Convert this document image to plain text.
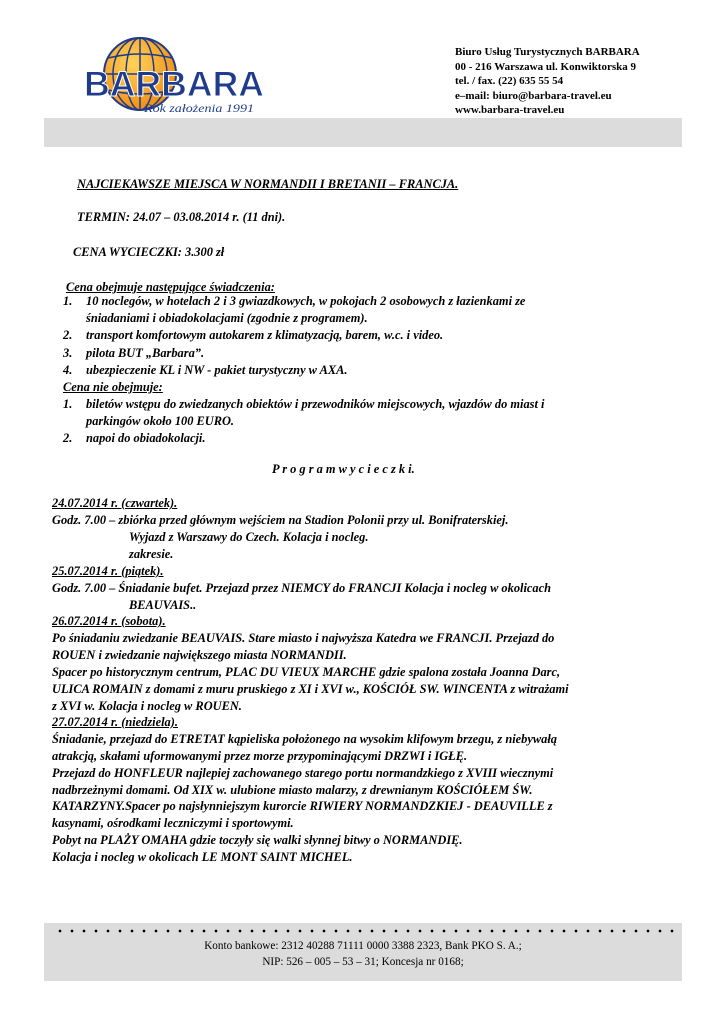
BARBARA
Rok założenia 1991
Biuro Usług Turystycznych BARBARA
00 - 216 Warszawa ul. Konwiktorska 9
tel. / fax. (22) 635 55 54
e–mail: biuro@barbara-travel.eu
www.barbara-travel.eu
NAJCIEKAWSZE MIEJSCA W NORMANDII I BRETANII – FRANCJA.
TERMIN: 24.07 – 03.08.2014 r. (11 dni).
CENA WYCIECZKI: 3.300 zł
Cena obejmuje następujące świadczenia:
1. 10 noclegów, w hotelach 2 i 3 gwiazdkowych, w pokojach 2 osobowych z łazienkami ze
śniadaniami i obiadokolacjami (zgodnie z programem).
2. transport komfortowym autokarem z klimatyzacją, barem, w.c. i video.
3. pilota BUT „Barbara”.
4. ubezpieczenie KL i NW - pakiet turystyczny w AXA.
Cena nie obejmuje:
1. biletów wstępu do zwiedzanych obiektów i przewodników miejscowych, wjazdów do miast i
parkingów około 100 EURO.
2. napoi do obiadokolacji.
P r o g r a m w y c i e c z k i.
24.07.2014 r. (czwartek).
Godz. 7.00 – zbiórka przed głównym wejściem na Stadion Polonii przy ul. Bonifraterskiej.
Wyjazd z Warszawy do Czech. Kolacja i nocleg.
zakresie.
25.07.2014 r. (piątek).
Godz. 7.00 – Śniadanie bufet. Przejazd przez NIEMCY do FRANCJI Kolacja i nocleg w okolicach
BEAUVAIS..
26.07.2014 r. (sobota).
Po śniadaniu zwiedzanie BEAUVAIS. Stare miasto i najwyższa Katedra we FRANCJI. Przejazd do
ROUEN i zwiedzanie największego miasta NORMANDII.
Spacer po historycznym centrum, PLAC DU VIEUX MARCHE gdzie spalona została Joanna Darc,
ULICA ROMAIN z domami z muru pruskiego z XI i XVI w., KOŚCIÓŁ SW. WINCENTA z witrażami
z XVI w. Kolacja i nocleg w ROUEN.
27.07.2014 r. (niedziela).
Śniadanie, przejazd do ETRETAT kąpieliska położonego na wysokim klifowym brzegu, z niebywałą
atrakcją, skałami uformowanymi przez morze przypominającymi DRZWI i IGŁĘ.
Przejazd do HONFLEUR najlepiej zachowanego starego portu normandzkiego z XVIII wiecznymi
nadbrzeżnymi domami. Od XIX w. ulubione miasto malarzy, z drewnianym KOŚCIÓŁEM ŚW.
KATARZYNY.Spacer po najsłynniejszym kurorcie RIWIERY NORMANDZKIEJ - DEAUVILLE z
kasynami, ośrodkami leczniczymi i sportowymi.
Pobyt na PLAŻY OMAHA gdzie toczyły się walki słynnej bitwy o NORMANDIĘ.
Kolacja i nocleg w okolicach LE MONT SAINT MICHEL.
Konto bankowe: 2312 40288 71111 0000 3388 2323, Bank PKO S. A.;
NIP: 526 – 005 – 53 – 31; Koncesja nr 0168;
